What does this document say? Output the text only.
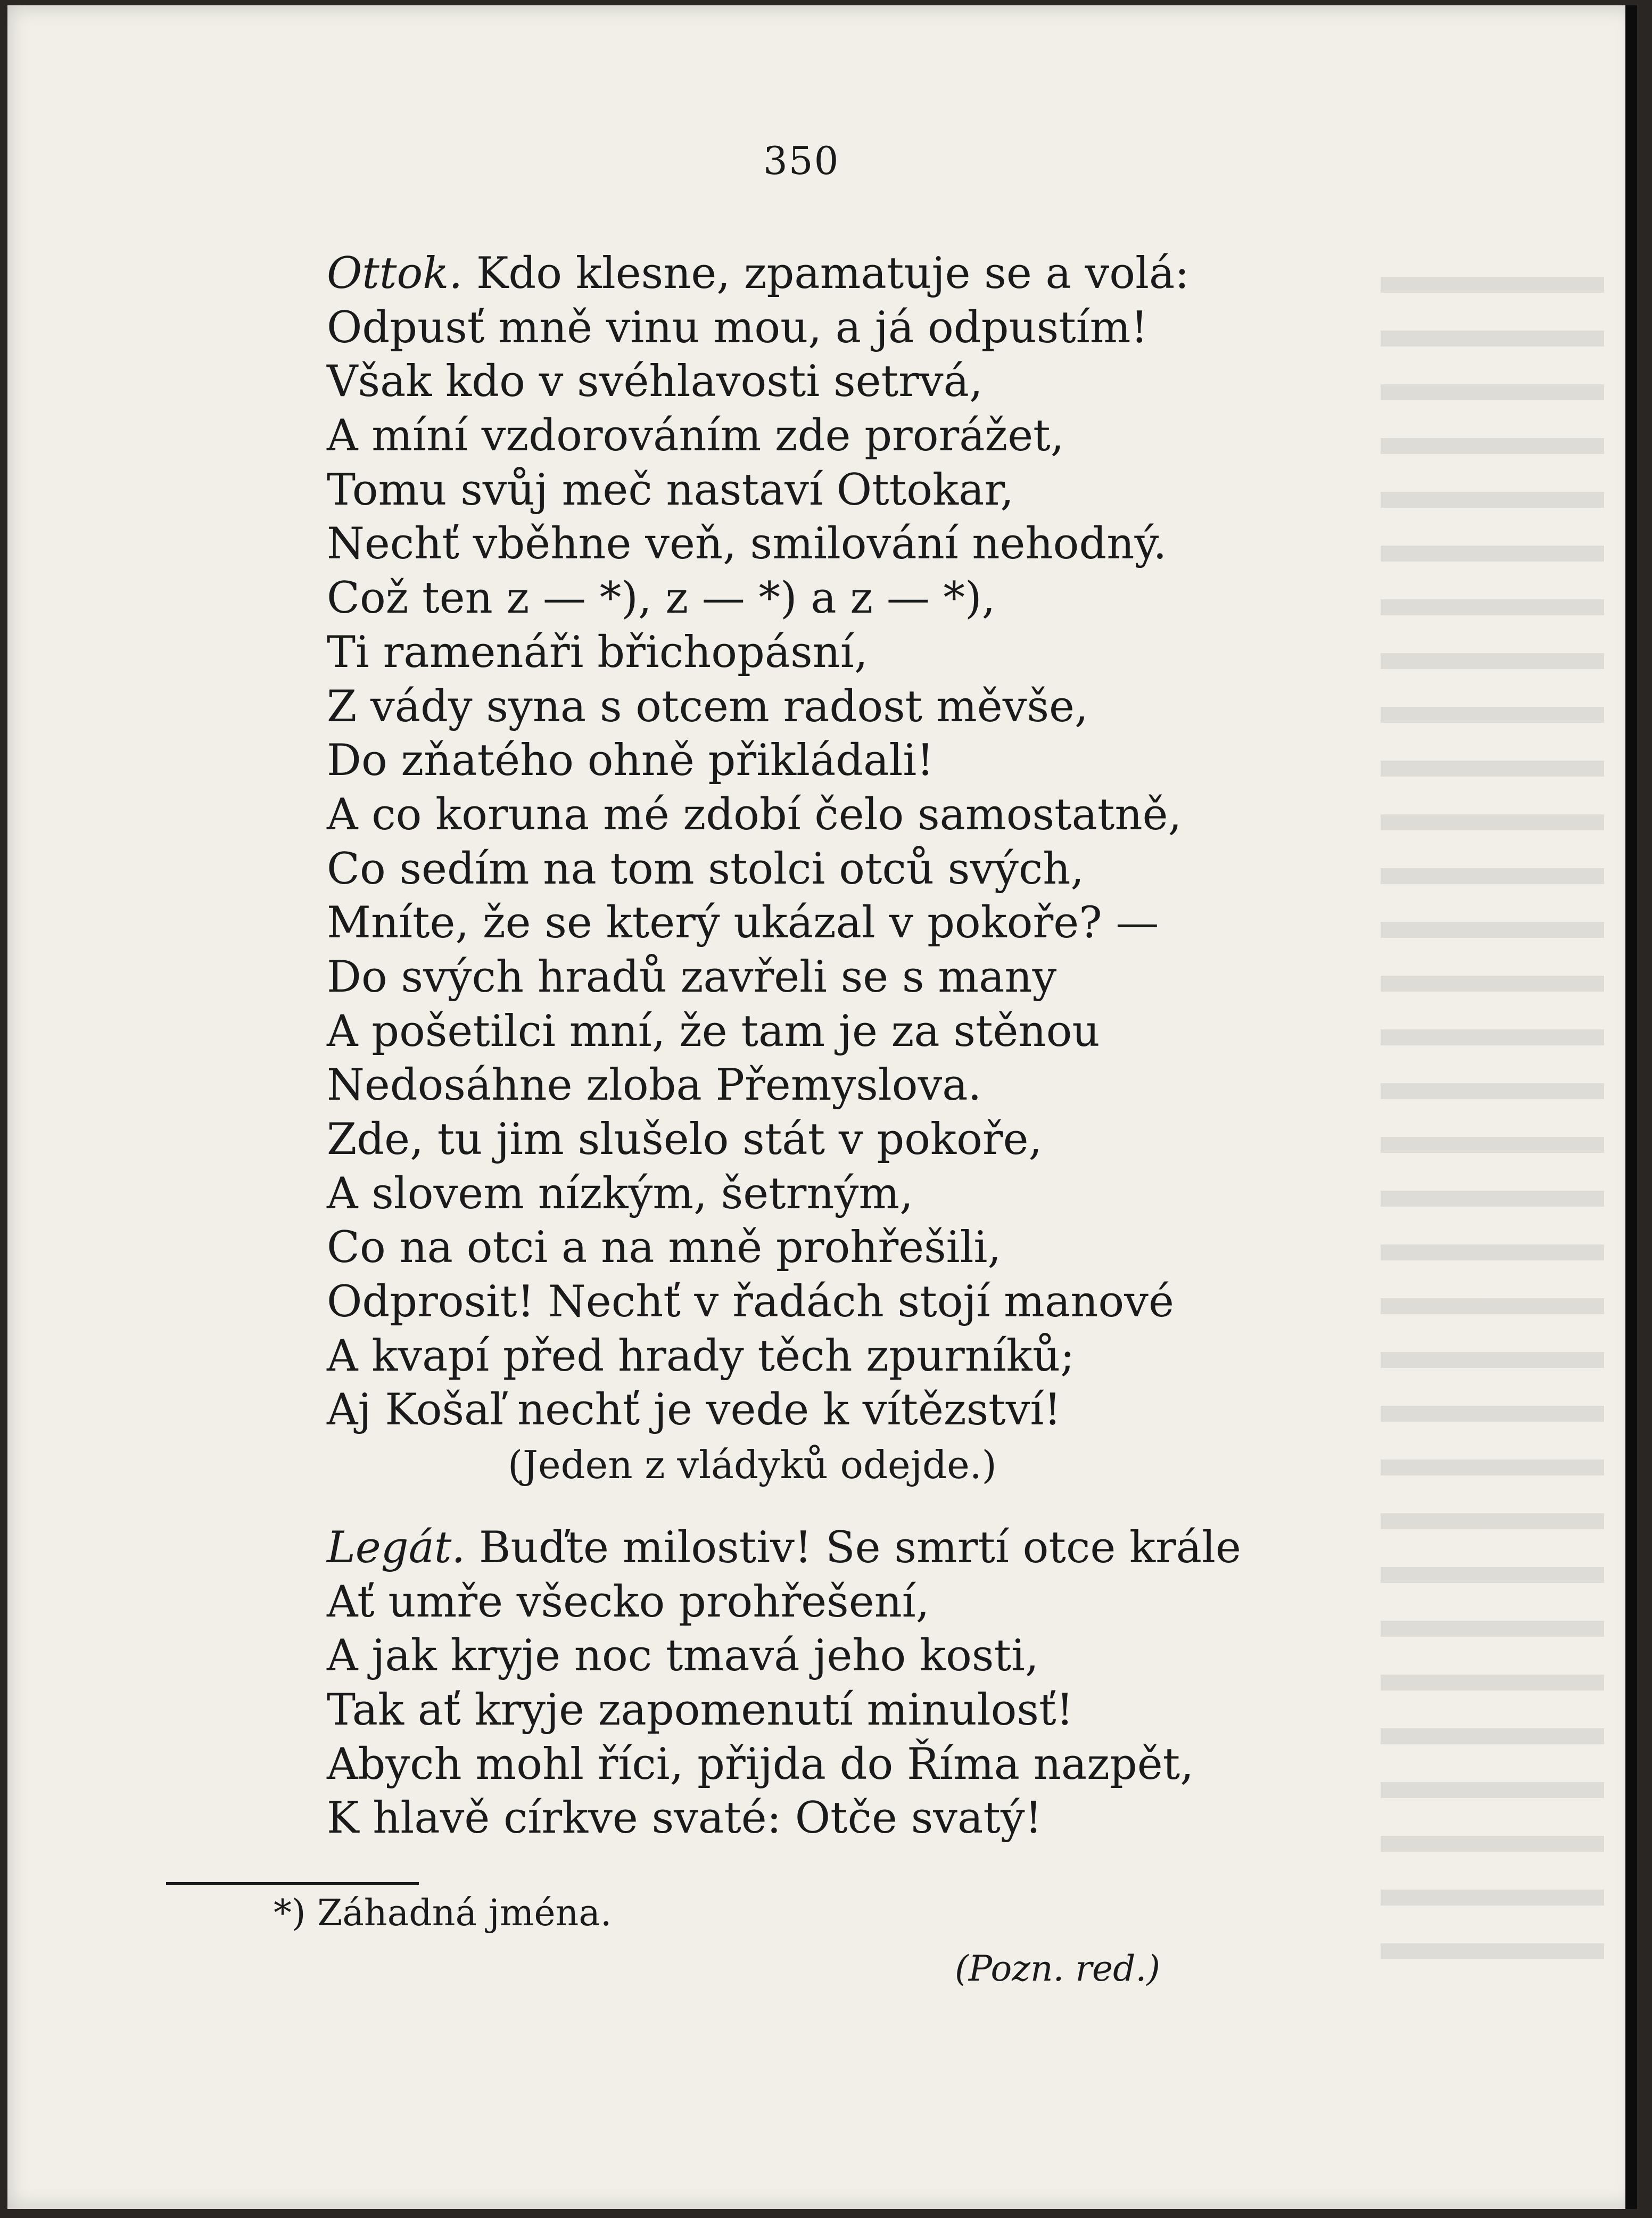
350
Ottok. Kdo klesne, zpamatuje se a volá:
Odpusť mně vinu mou, a já odpustím!
Však kdo v svéhlavosti setrvá,
A míní vzdorováním zde prorážet,
Tomu svůj meč nastaví Ottokar,
Nechť vběhne veň, smilování nehodný.
Což ten z — *), z — *) a z — *),
Ti ramenáři břichopásní,
Z vády syna s otcem radost měvše,
Do zňatého ohně přikládali!
A co koruna mé zdobí čelo samostatně,
Co sedím na tom stolci otců svých,
Mníte, že se který ukázal v pokoře? —
Do svých hradů zavřeli se s many
A pošetilci mní, že tam je za stěnou
Nedosáhne zloba Přemyslova.
Zde, tu jim slušelo stát v pokoře,
A slovem nízkým, šetrným,
Co na otci a na mně prohřešili,
Odprosit! Nechť v řadách stojí manové
A kvapí před hrady těch zpurníků;
Aj Košaľ nechť je vede k vítězství!
(Jeden z vládyků odejde.)
Legát. Buďte milostiv! Se smrtí otce krále
Ať umře všecko prohřešení,
A jak kryje noc tmavá jeho kosti,
Tak ať kryje zapomenutí minulosť!
Abych mohl říci, přijda do Říma nazpět,
K hlavě církve svaté: Otče svatý!
*) Záhadná jména.
(Pozn. red.)
